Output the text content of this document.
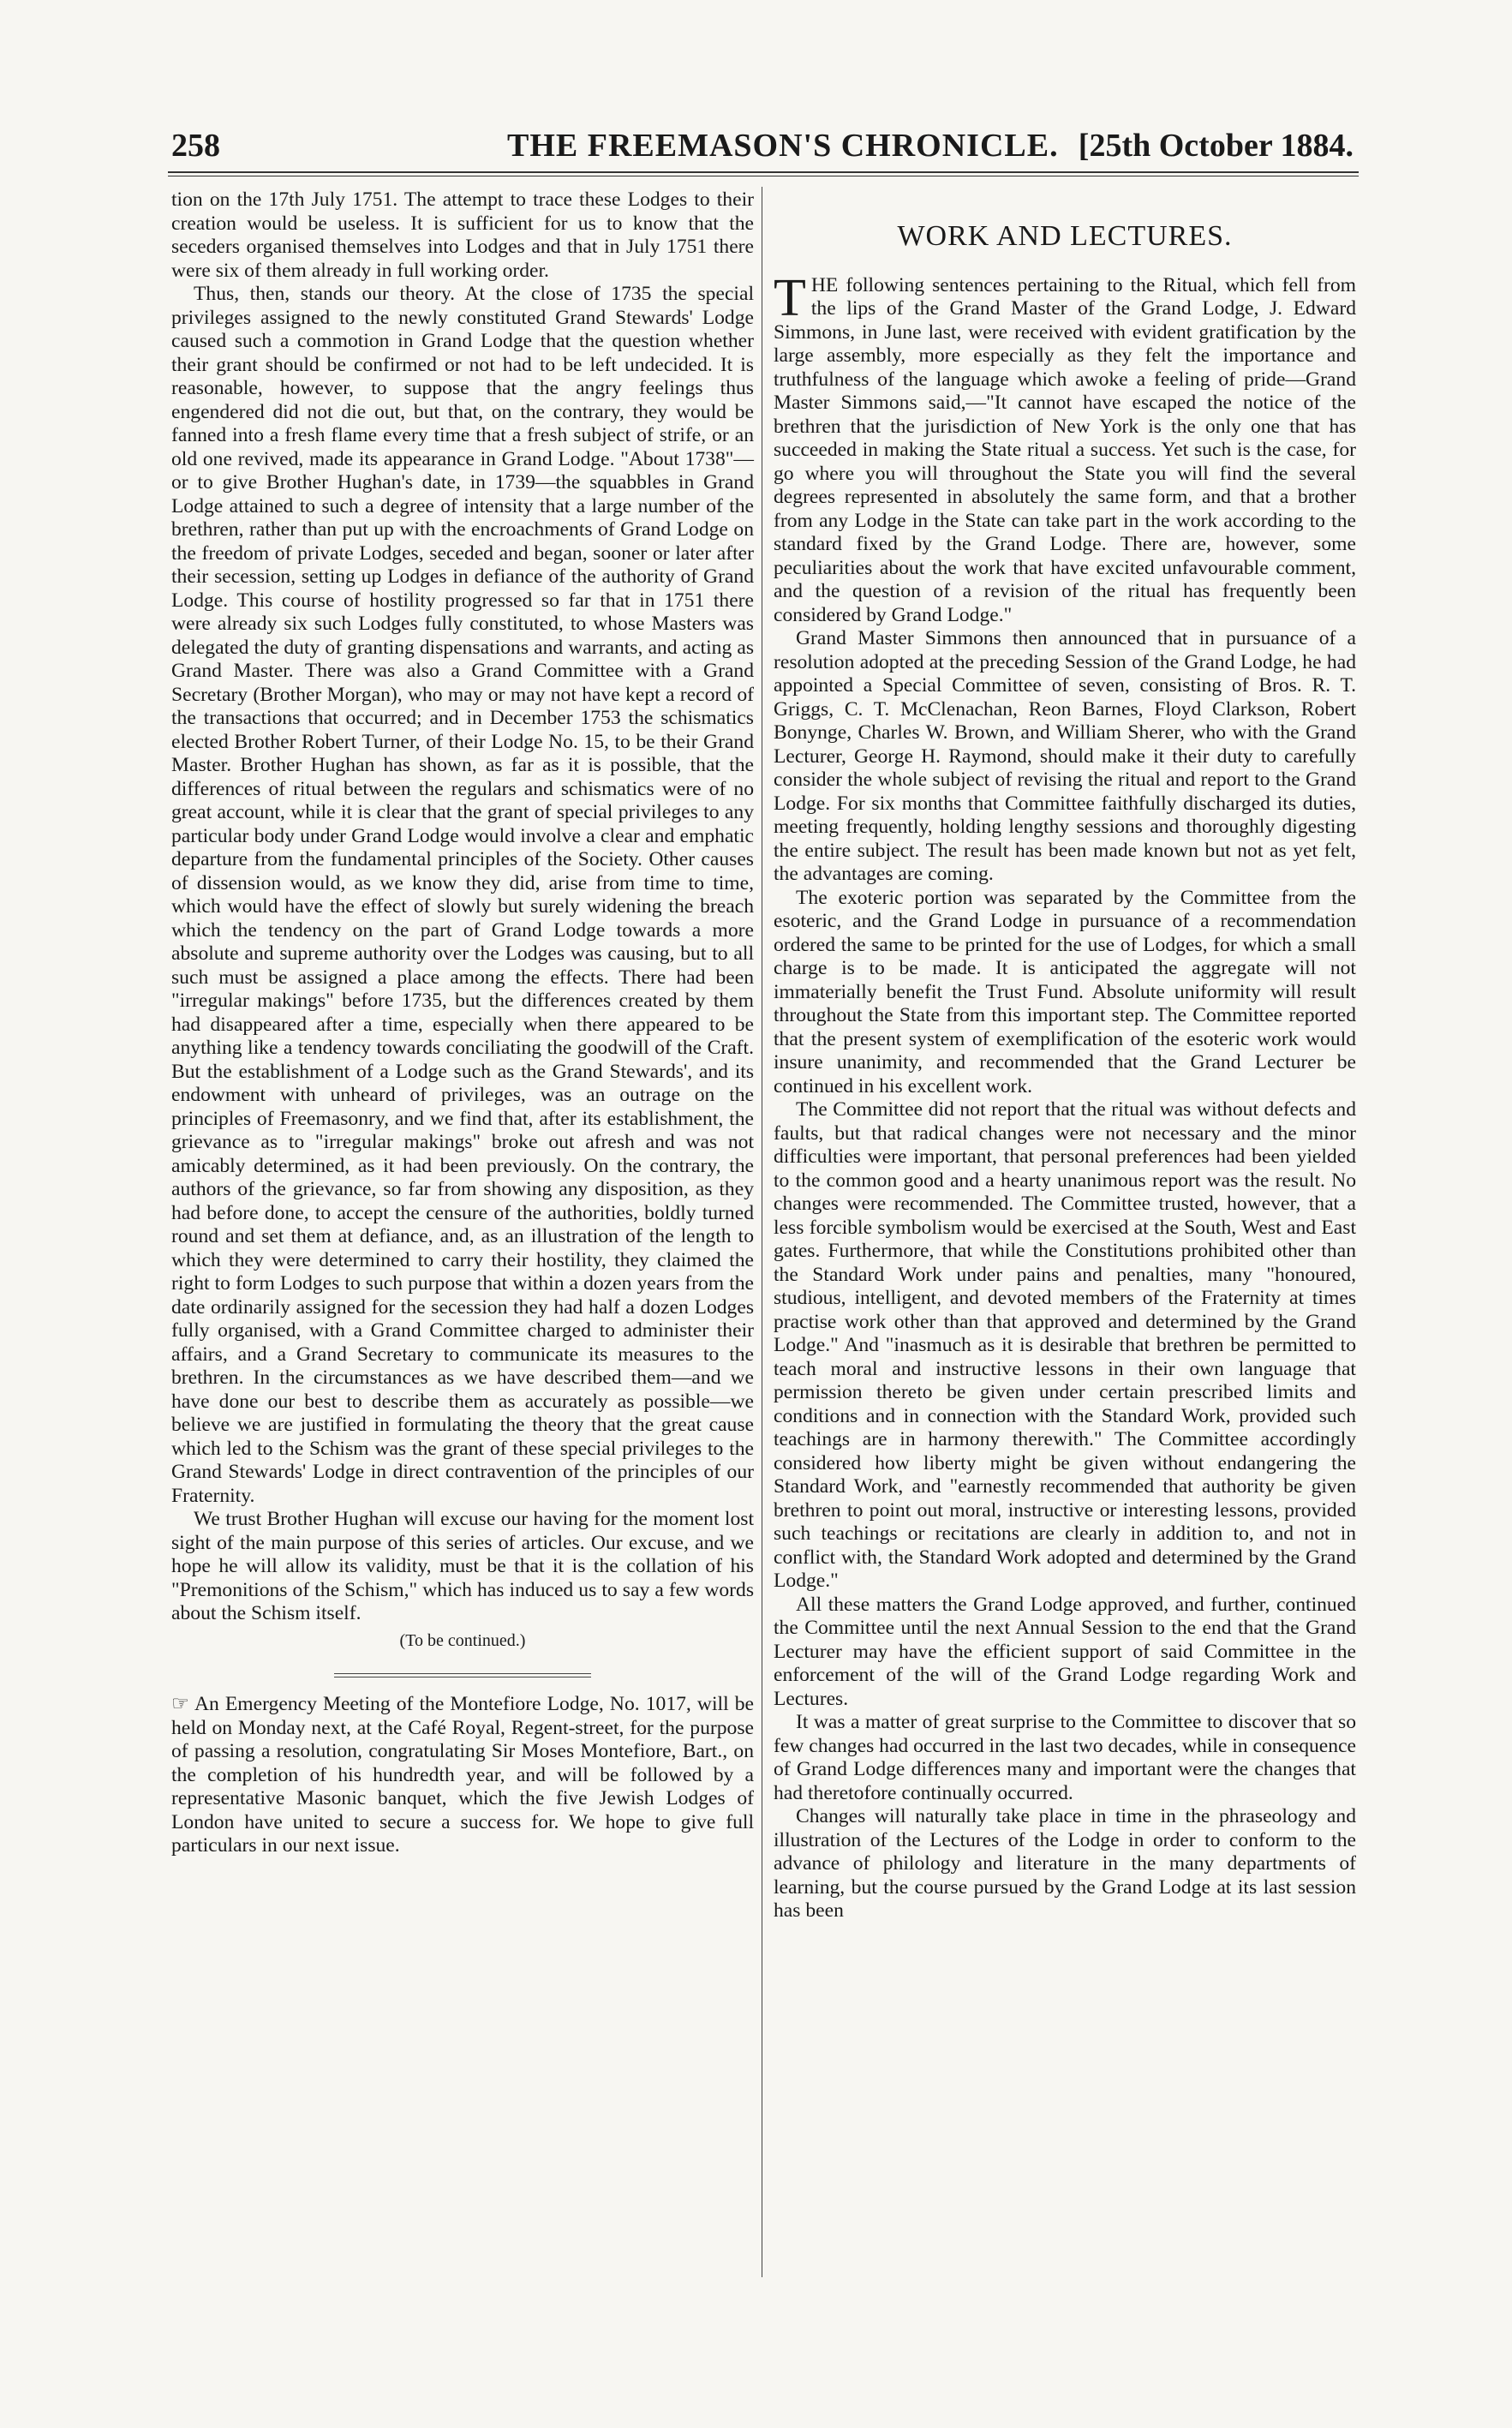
258	THE FREEMASON'S CHRONICLE. [25th October 1884.

tion on the 17th July 1751. The attempt to trace these Lodges to their creation would be useless. It is sufficient for us to know that the seceders organised themselves into Lodges and that in July 1751 there were six of them already in full working order.

Thus, then, stands our theory. At the close of 1735 the special privileges assigned to the newly constituted Grand Stewards' Lodge caused such a commotion in Grand Lodge that the question whether their grant should be confirmed or not had to be left undecided. It is reasonable, however, to suppose that the angry feelings thus engendered did not die out, but that, on the contrary, they would be fanned into a fresh flame every time that a fresh subject of strife, or an old one revived, made its appearance in Grand Lodge. "About 1738"—or to give Brother Hughan's date, in 1739—the squabbles in Grand Lodge attained to such a degree of intensity that a large number of the brethren, rather than put up with the encroachments of Grand Lodge on the freedom of private Lodges, seceded and began, sooner or later after their secession, setting up Lodges in defiance of the authority of Grand Lodge. This course of hostility progressed so far that in 1751 there were already six such Lodges fully constituted, to whose Masters was delegated the duty of granting dispensations and warrants, and acting as Grand Master. There was also a Grand Committee with a Grand Secretary (Brother Morgan), who may or may not have kept a record of the transactions that occurred; and in December 1753 the schismatics elected Brother Robert Turner, of their Lodge No. 15, to be their Grand Master. Brother Hughan has shown, as far as it is possible, that the differences of ritual between the regulars and schismatics were of no great account, while it is clear that the grant of special privileges to any particular body under Grand Lodge would involve a clear and emphatic departure from the fundamental principles of the Society. Other causes of dissension would, as we know they did, arise from time to time, which would have the effect of slowly but surely widening the breach which the tendency on the part of Grand Lodge towards a more absolute and supreme authority over the Lodges was causing, but to all such must be assigned a place among the effects. There had been "irregular makings" before 1735, but the differences created by them had disappeared after a time, especially when there appeared to be anything like a tendency towards conciliating the goodwill of the Craft. But the establishment of a Lodge such as the Grand Stewards', and its endowment with unheard of privileges, was an outrage on the principles of Freemasonry, and we find that, after its establishment, the grievance as to "irregular makings" broke out afresh and was not amicably determined, as it had been previously. On the contrary, the authors of the grievance, so far from showing any disposition, as they had before done, to accept the censure of the authorities, boldly turned round and set them at defiance, and, as an illustration of the length to which they were determined to carry their hostility, they claimed the right to form Lodges to such purpose that within a dozen years from the date ordinarily assigned for the secession they had half a dozen Lodges fully organised, with a Grand Committee charged to administer their affairs, and a Grand Secretary to communicate its measures to the brethren. In the circumstances as we have described them—and we have done our best to describe them as accurately as possible—we believe we are justified in formulating the theory that the great cause which led to the Schism was the grant of these special privileges to the Grand Stewards' Lodge in direct contravention of the principles of our Fraternity.

We trust Brother Hughan will excuse our having for the moment lost sight of the main purpose of this series of articles. Our excuse, and we hope he will allow its validity, must be that it is the collation of his "Premonitions of the Schism," which has induced us to say a few words about the Schism itself.

(To be continued.)

☞ An Emergency Meeting of the Montefiore Lodge, No. 1017, will be held on Monday next, at the Café Royal, Regent-street, for the purpose of passing a resolution, congratulating Sir Moses Montefiore, Bart., on the completion of his hundredth year, and will be followed by a representative Masonic banquet, which the five Jewish Lodges of London have united to secure a success for. We hope to give full particulars in our next issue.

WORK AND LECTURES.

THE following sentences pertaining to the Ritual, which fell from the lips of the Grand Master of the Grand Lodge, J. Edward Simmons, in June last, were received with evident gratification by the large assembly, more especially as they felt the importance and truthfulness of the language which awoke a feeling of pride—Grand Master Simmons said,—"It cannot have escaped the notice of the brethren that the jurisdiction of New York is the only one that has succeeded in making the State ritual a success. Yet such is the case, for go where you will throughout the State you will find the several degrees represented in absolutely the same form, and that a brother from any Lodge in the State can take part in the work according to the standard fixed by the Grand Lodge. There are, however, some peculiarities about the work that have excited unfavourable comment, and the question of a revision of the ritual has frequently been considered by Grand Lodge."

Grand Master Simmons then announced that in pursuance of a resolution adopted at the preceding Session of the Grand Lodge, he had appointed a Special Committee of seven, consisting of Bros. R. T. Griggs, C. T. McClenachan, Reon Barnes, Floyd Clarkson, Robert Bonynge, Charles W. Brown, and William Sherer, who with the Grand Lecturer, George H. Raymond, should make it their duty to carefully consider the whole subject of revising the ritual and report to the Grand Lodge. For six months that Committee faithfully discharged its duties, meeting frequently, holding lengthy sessions and thoroughly digesting the entire subject. The result has been made known but not as yet felt, the advantages are coming.

The exoteric portion was separated by the Committee from the esoteric, and the Grand Lodge in pursuance of a recommendation ordered the same to be printed for the use of Lodges, for which a small charge is to be made. It is anticipated the aggregate will not immaterially benefit the Trust Fund. Absolute uniformity will result throughout the State from this important step. The Committee reported that the present system of exemplification of the esoteric work would insure unanimity, and recommended that the Grand Lecturer be continued in his excellent work.

The Committee did not report that the ritual was without defects and faults, but that radical changes were not necessary and the minor difficulties were important, that personal preferences had been yielded to the common good and a hearty unanimous report was the result. No changes were recommended. The Committee trusted, however, that a less forcible symbolism would be exercised at the South, West and East gates. Furthermore, that while the Constitutions prohibited other than the Standard Work under pains and penalties, many "honoured, studious, intelligent, and devoted members of the Fraternity at times practise work other than that approved and determined by the Grand Lodge." And "inasmuch as it is desirable that brethren be permitted to teach moral and instructive lessons in their own language that permission thereto be given under certain prescribed limits and conditions and in connection with the Standard Work, provided such teachings are in harmony therewith." The Committee accordingly considered how liberty might be given without endangering the Standard Work, and "earnestly recommended that authority be given brethren to point out moral, instructive or interesting lessons, provided such teachings or recitations are clearly in addition to, and not in conflict with, the Standard Work adopted and determined by the Grand Lodge."

All these matters the Grand Lodge approved, and further, continued the Committee until the next Annual Session to the end that the Grand Lecturer may have the efficient support of said Committee in the enforcement of the will of the Grand Lodge regarding Work and Lectures.

It was a matter of great surprise to the Committee to discover that so few changes had occurred in the last two decades, while in consequence of Grand Lodge differences many and important were the changes that had theretofore continually occurred.

Changes will naturally take place in time in the phraseology and illustration of the Lectures of the Lodge in order to conform to the advance of philology and literature in the many departments of learning, but the course pursued by the Grand Lodge at its last session has been
